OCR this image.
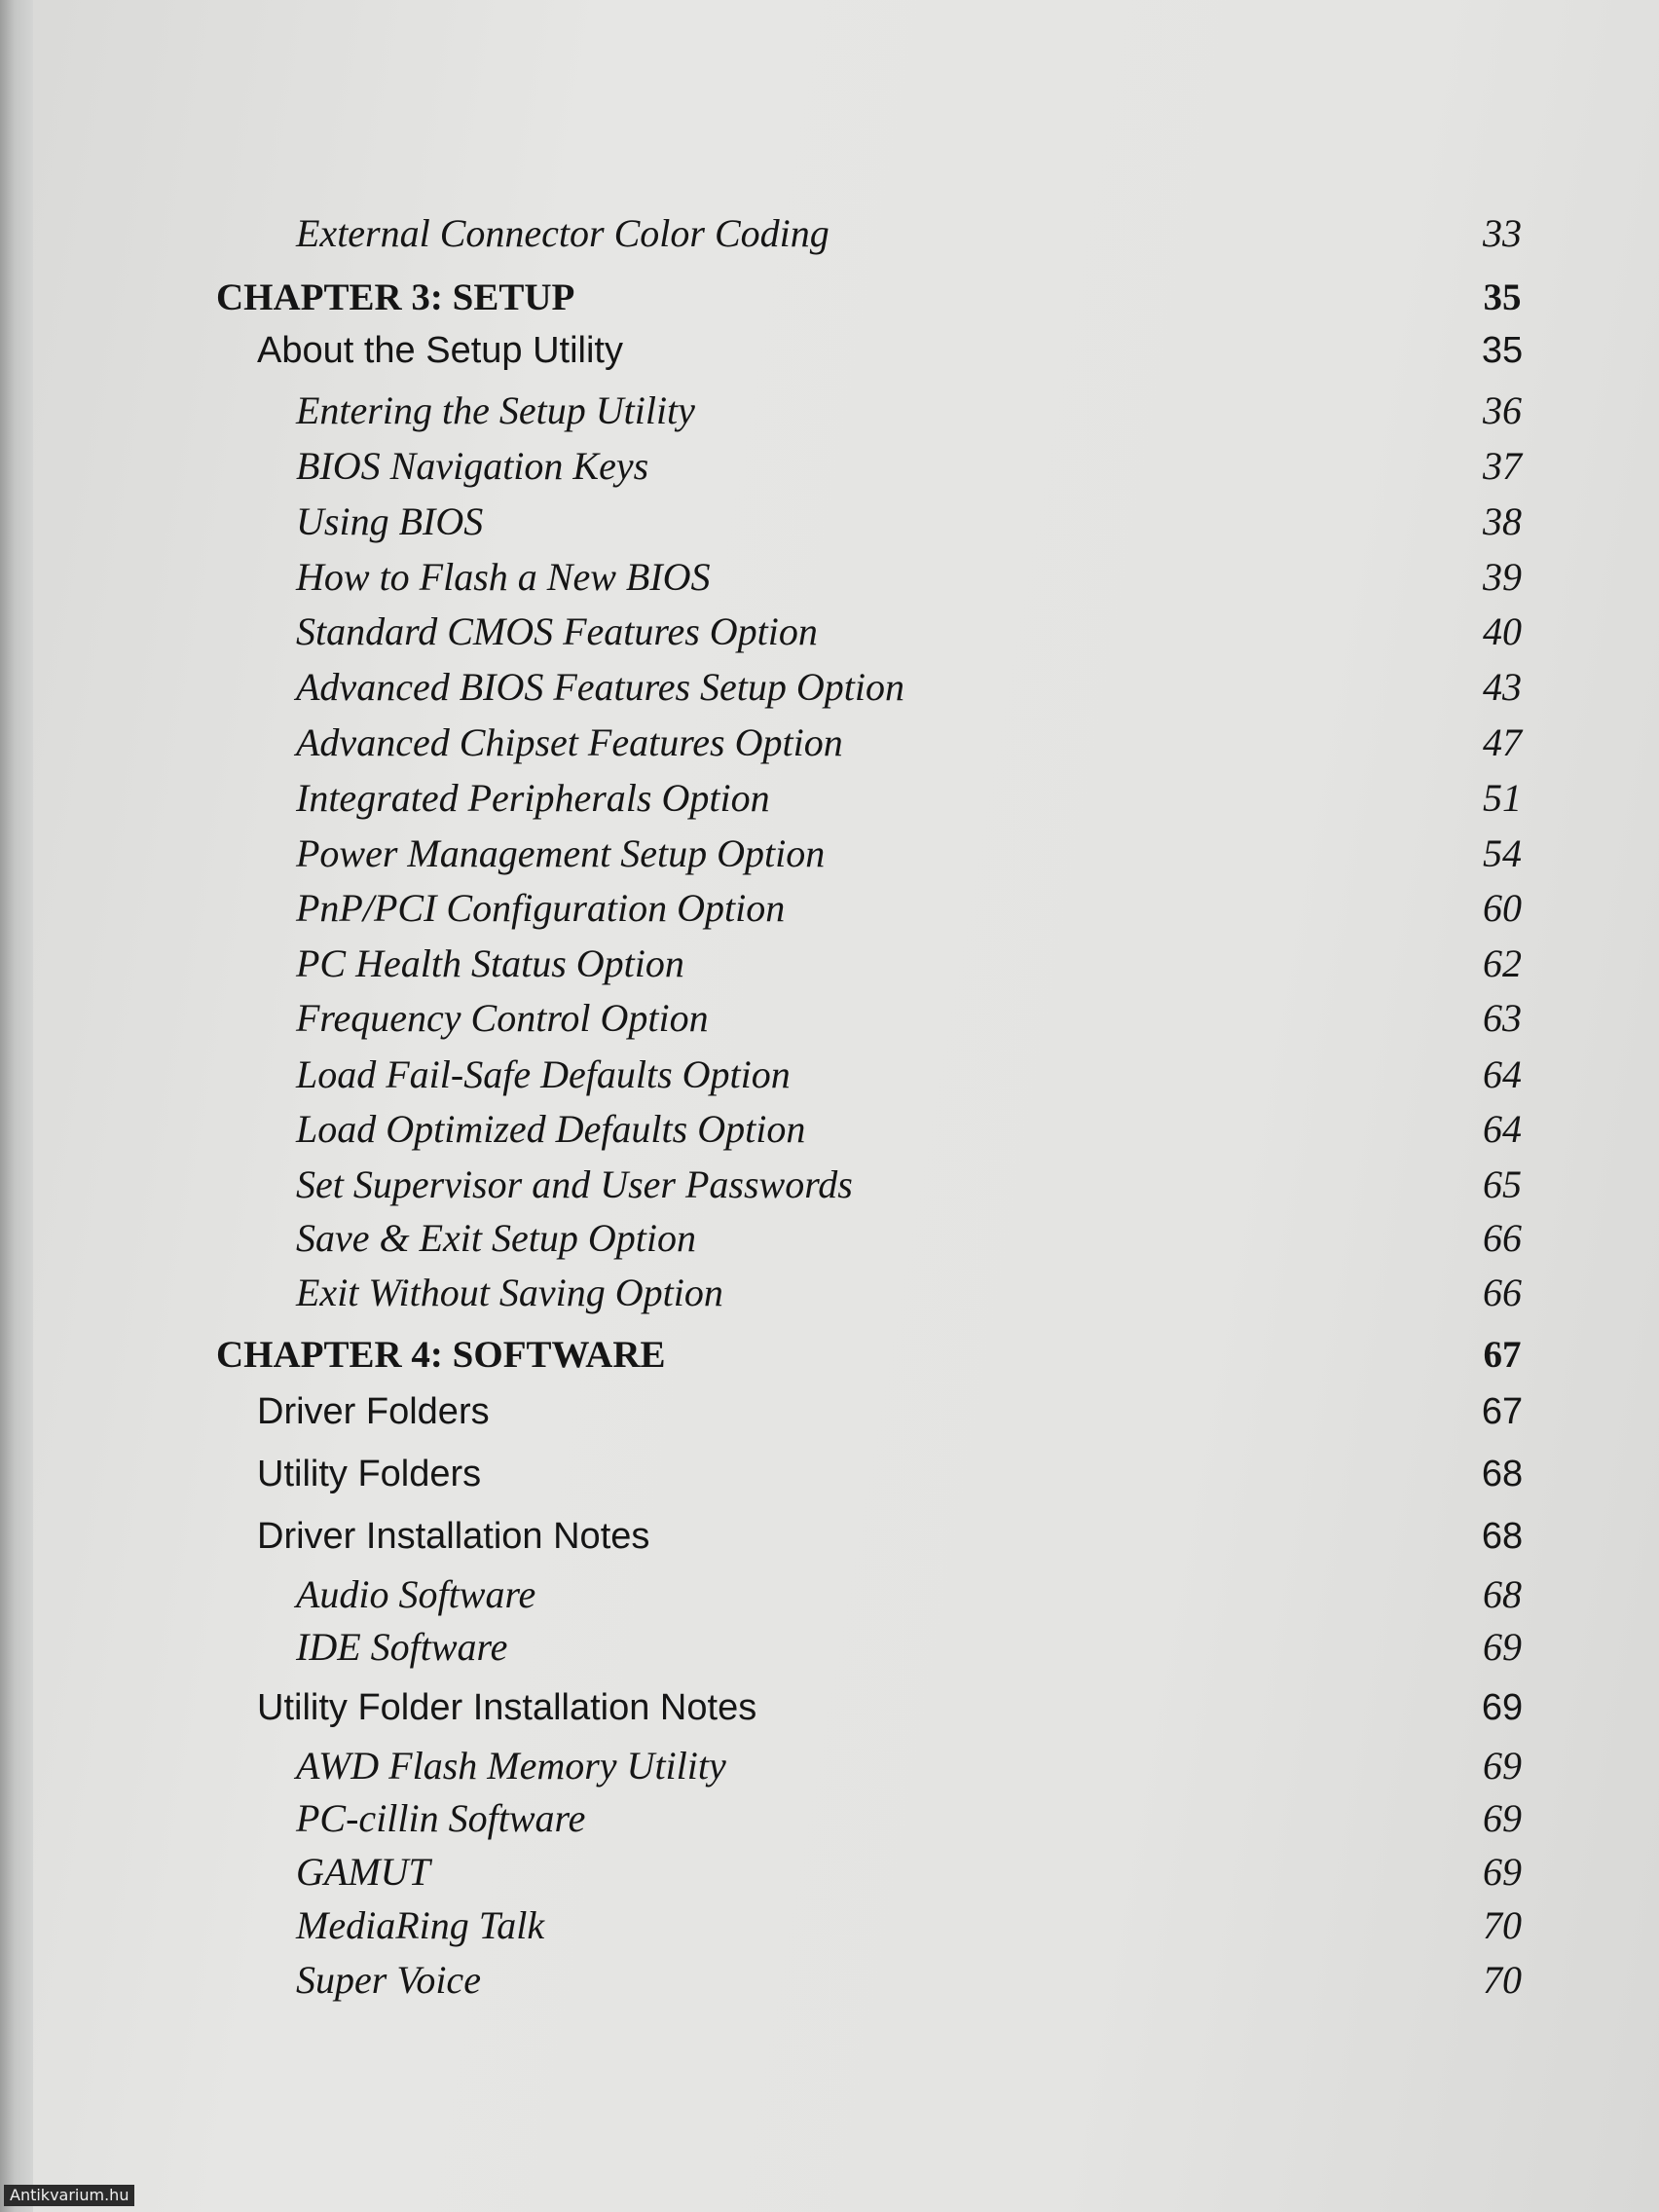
External Connector Color Coding	33
CHAPTER 3: SETUP	35
About the Setup Utility	35
Entering the Setup Utility	36
BIOS Navigation Keys	37
Using BIOS	38
How to Flash a New BIOS	39
Standard CMOS Features Option	40
Advanced BIOS Features Setup Option	43
Advanced Chipset Features Option	47
Integrated Peripherals Option	51
Power Management Setup Option	54
PnP/PCI Configuration Option	60
PC Health Status Option	62
Frequency Control Option	63
Load Fail-Safe Defaults Option	64
Load Optimized Defaults Option	64
Set Supervisor and User Passwords	65
Save & Exit Setup Option	66
Exit Without Saving Option	66
CHAPTER 4: SOFTWARE	67
Driver Folders	67
Utility Folders	68
Driver Installation Notes	68
Audio Software	68
IDE Software	69
Utility Folder Installation Notes	69
AWD Flash Memory Utility	69
PC-cillin Software	69
GAMUT	69
MediaRing Talk	70
Super Voice	70
Antikvarium.hu
